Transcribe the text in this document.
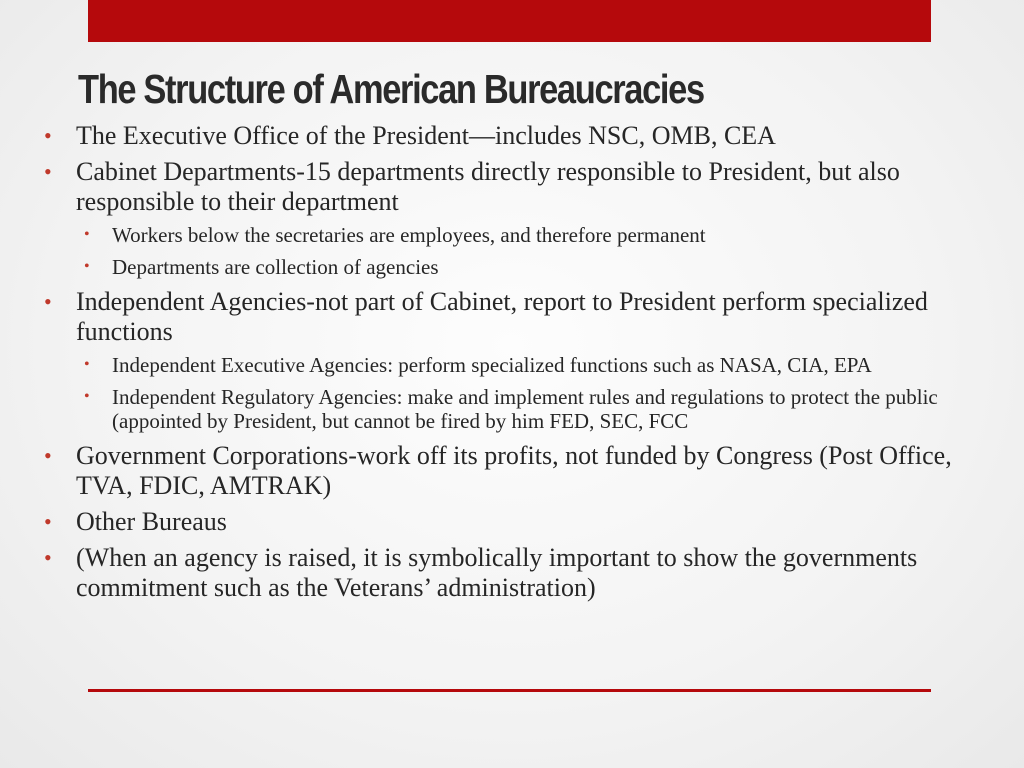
The Structure of American Bureaucracies
• The Executive Office of the President—includes NSC, OMB, CEA
• Cabinet Departments-15 departments directly responsible to President, but also responsible to their department
• Workers below the secretaries are employees, and therefore permanent
• Departments are collection of agencies
• Independent Agencies-not part of Cabinet, report to President perform specialized functions
• Independent Executive Agencies: perform specialized functions such as NASA, CIA, EPA
• Independent Regulatory Agencies: make and implement rules and regulations to protect the public (appointed by President, but cannot be fired by him FED, SEC, FCC
• Government Corporations-work off its profits, not funded by Congress (Post Office, TVA, FDIC, AMTRAK)
• Other Bureaus
• (When an agency is raised, it is symbolically important to show the governments commitment such as the Veterans’ administration)
